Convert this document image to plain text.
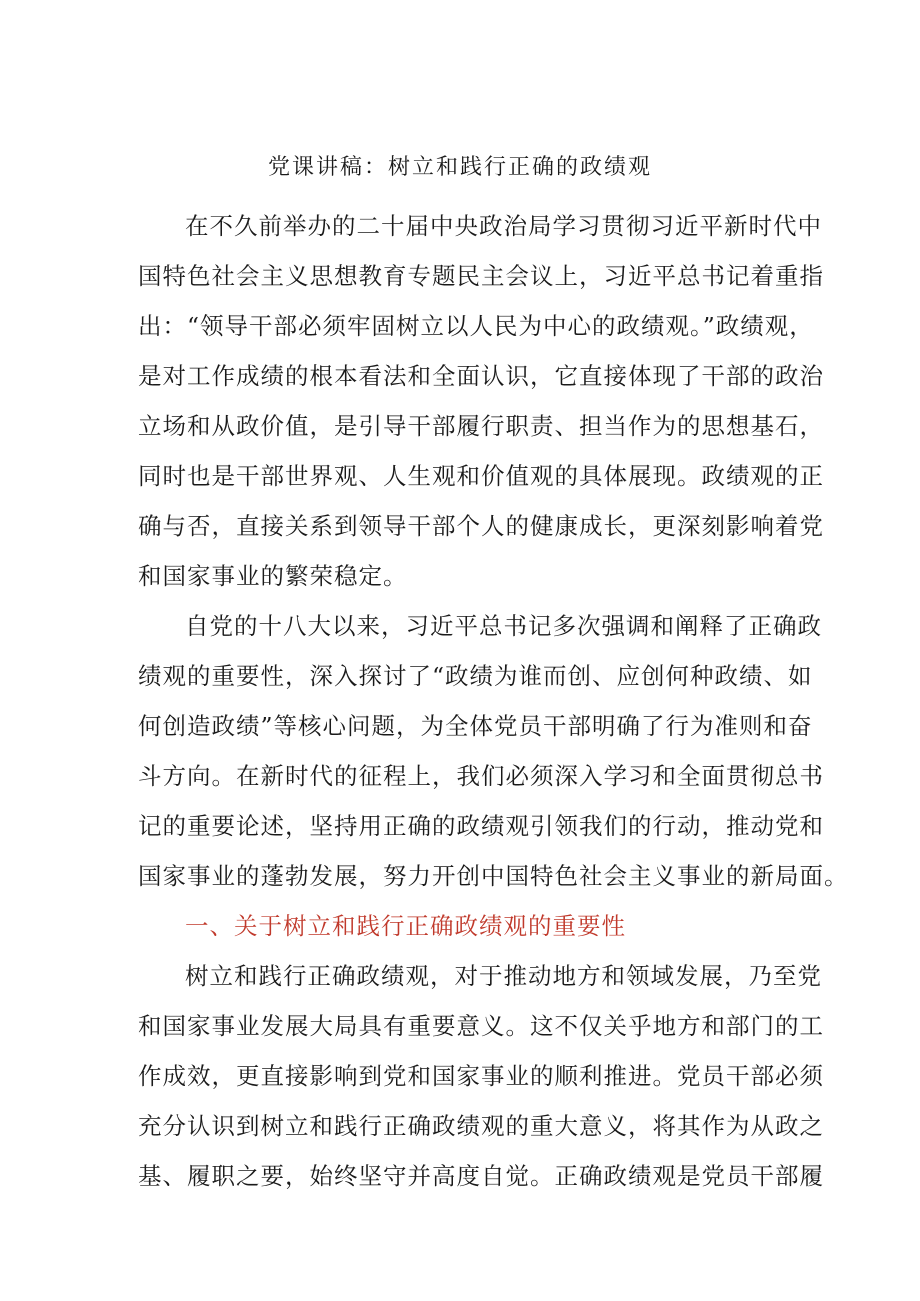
党课讲稿：树立和践行正确的政绩观
在不久前举办的二十届中央政治局学习贯彻习近平新时代中
国特色社会主义思想教育专题民主会议上，习近平总书记着重指
出：“领导干部必须牢固树立以人民为中心的政绩观。”政绩观，
是对工作成绩的根本看法和全面认识，它直接体现了干部的政治
立场和从政价值，是引导干部履行职责、担当作为的思想基石，
同时也是干部世界观、人生观和价值观的具体展现。政绩观的正
确与否，直接关系到领导干部个人的健康成长，更深刻影响着党
和国家事业的繁荣稳定。
自党的十八大以来，习近平总书记多次强调和阐释了正确政
绩观的重要性，深入探讨了“政绩为谁而创、应创何种政绩、如
何创造政绩”等核心问题，为全体党员干部明确了行为准则和奋
斗方向。在新时代的征程上，我们必须深入学习和全面贯彻总书
记的重要论述，坚持用正确的政绩观引领我们的行动，推动党和
国家事业的蓬勃发展，努力开创中国特色社会主义事业的新局面。
一、关于树立和践行正确政绩观的重要性
树立和践行正确政绩观，对于推动地方和领域发展，乃至党
和国家事业发展大局具有重要意义。这不仅关乎地方和部门的工
作成效，更直接影响到党和国家事业的顺利推进。党员干部必须
充分认识到树立和践行正确政绩观的重大意义，将其作为从政之
基、履职之要，始终坚守并高度自觉。正确政绩观是党员干部履
